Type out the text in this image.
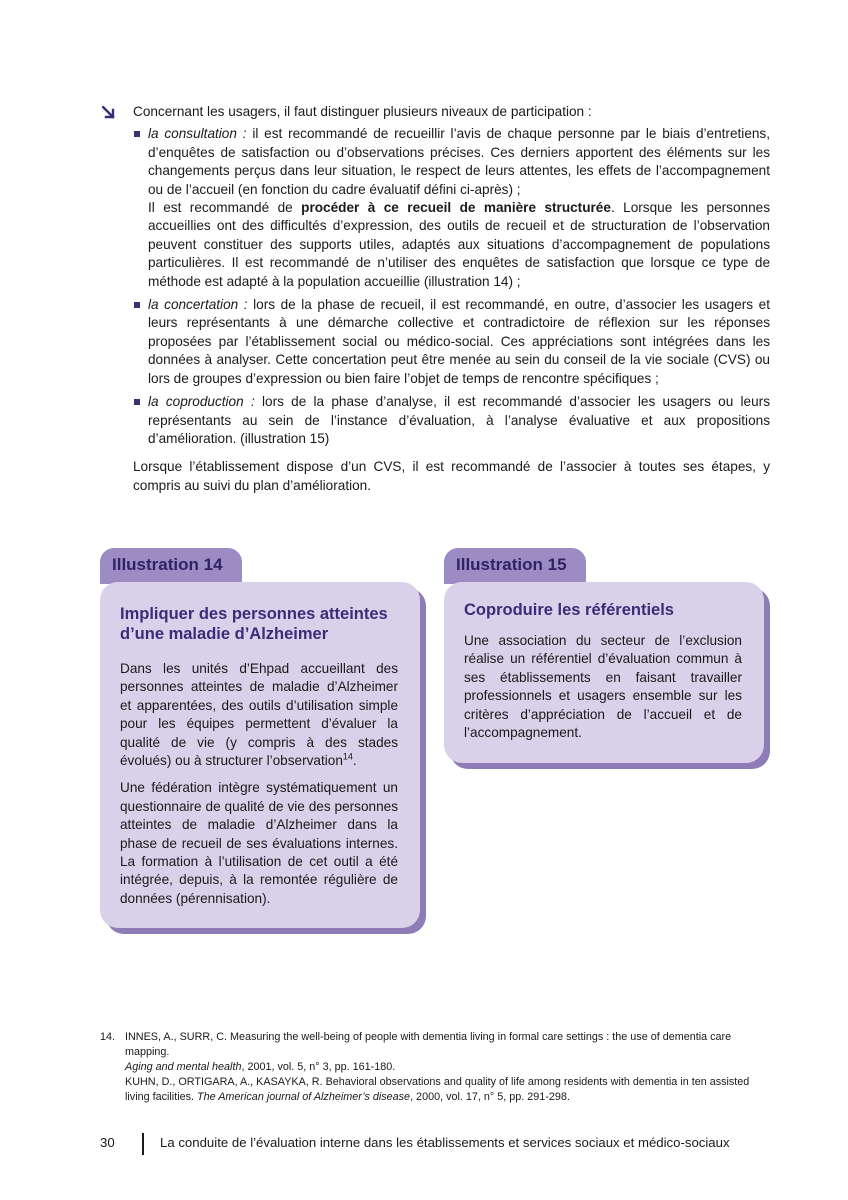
Concernant les usagers, il faut distinguer plusieurs niveaux de participation :
la consultation : il est recommandé de recueillir l’avis de chaque personne par le biais d’entretiens, d’enquêtes de satisfaction ou d’observations précises. Ces derniers apportent des éléments sur les changements perçus dans leur situation, le respect de leurs attentes, les effets de l’accompagnement ou de l’accueil (en fonction du cadre évaluatif défini ci-après) ;
Il est recommandé de procéder à ce recueil de manière structurée. Lorsque les personnes accueillies ont des difficultés d’expression, des outils de recueil et de structuration de l’observation peuvent constituer des supports utiles, adaptés aux situations d’accompagnement de populations particulières. Il est recommandé de n’utiliser des enquêtes de satisfaction que lorsque ce type de méthode est adapté à la population accueillie (illustration 14) ;
la concertation : lors de la phase de recueil, il est recommandé, en outre, d’associer les usagers et leurs représentants à une démarche collective et contradictoire de réflexion sur les réponses proposées par l’établissement social ou médico-social. Ces appréciations sont intégrées dans les données à analyser. Cette concertation peut être menée au sein du conseil de la vie sociale (CVS) ou lors de groupes d’expression ou bien faire l’objet de temps de rencontre spécifiques ;
la coproduction : lors de la phase d’analyse, il est recommandé d’associer les usagers ou leurs représentants au sein de l’instance d’évaluation, à l’analyse évaluative et aux propositions d’amélioration. (illustration 15)
Lorsque l’établissement dispose d’un CVS, il est recommandé de l’associer à toutes ses étapes, y compris au suivi du plan d’amélioration.
Illustration 14
Impliquer des personnes atteintes d’une maladie d’Alzheimer

Dans les unités d’Ehpad accueillant des personnes atteintes de maladie d’Alzheimer et apparentées, des outils d’utilisation simple pour les équipes permettent d’évaluer la qualité de vie (y compris à des stades évolués) ou à structurer l’observation$^{14}$.

Une fédération intègre systématiquement un questionnaire de qualité de vie des personnes atteintes de maladie d’Alzheimer dans la phase de recueil de ses évaluations internes. La formation à l’utilisation de cet outil a été intégrée, depuis, à la remontée régulière de données (pérennisation).

Illustration 15
Coproduire les référentiels

Une association du secteur de l’exclusion réalise un référentiel d’évaluation commun à ses établissements en faisant travailler professionnels et usagers ensemble sur les critères d’appréciation de l’accueil et de l’accompagnement.

14. INNES, A., SURR, C. Measuring the well-being of people with dementia living in formal care settings : the use of dementia care mapping.
Aging and mental health, 2001, vol. 5, n° 3, pp. 161-180.
KUHN, D., ORTIGARA, A., KASAYKA, R. Behavioral observations and quality of life among residents with dementia in ten assisted living facilities. The American journal of Alzheimer’s disease, 2000, vol. 17, n° 5, pp. 291-298.
30	La conduite de l’évaluation interne dans les établissements et services sociaux et médico-sociaux
